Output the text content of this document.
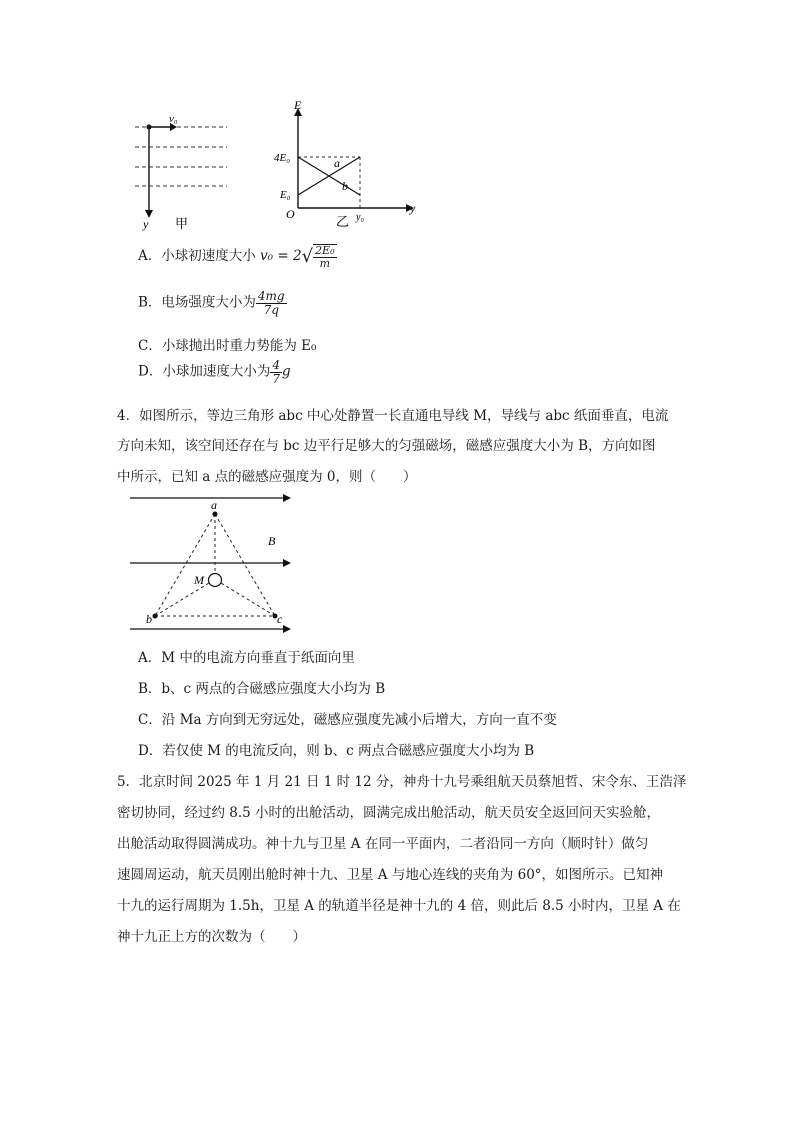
v₀
y 甲
E
4E₀
E₀
O	y₀
y
a
b
乙
A．小球初速度大小 $v_0 = 2√ \frac{\text{2E₀}}{m}$
B．电场强度大小为 $\frac{4mg}{7q}$
C．小球抛出时重力势能为 E₀
D．小球加速度大小为 $\frac{4}{7}$ g
4．如图所示，等边三角形 abc 中心处静置一长直通电导线 M，导线与 abc 纸面垂直，电流
方向未知，该空间还存在与 bc 边平行足够大的匀强磁场，磁感应强度大小为 B，方向如图
中所示，已知 a 点的磁感应强度为 0，则（　　）
a
b	c
M
B
A．M 中的电流方向垂直于纸面向里
B．b、c 两点的合磁感应强度大小均为 B
C．沿 Ma 方向到无穷远处，磁感应强度先减小后增大，方向一直不变
D．若仅使 M 的电流反向，则 b、c 两点合磁感应强度大小均为 B
5．北京时间 2025 年 1 月 21 日 1 时 12 分，神舟十九号乘组航天员蔡旭哲、宋令东、王浩泽
密切协同，经过约 8.5 小时的出舱活动，圆满完成出舱活动，航天员安全返回问天实验舱，
出舱活动取得圆满成功。神十九与卫星 A 在同一平面内，二者沿同一方向（顺时针）做匀
速圆周运动，航天员刚出舱时神十九、卫星 A 与地心连线的夹角为 60°，如图所示。已知神
十九的运行周期为 1.5h，卫星 A 的轨道半径是神十九的 4 倍，则此后 8.5 小时内，卫星 A 在
神十九正上方的次数为（　　）
